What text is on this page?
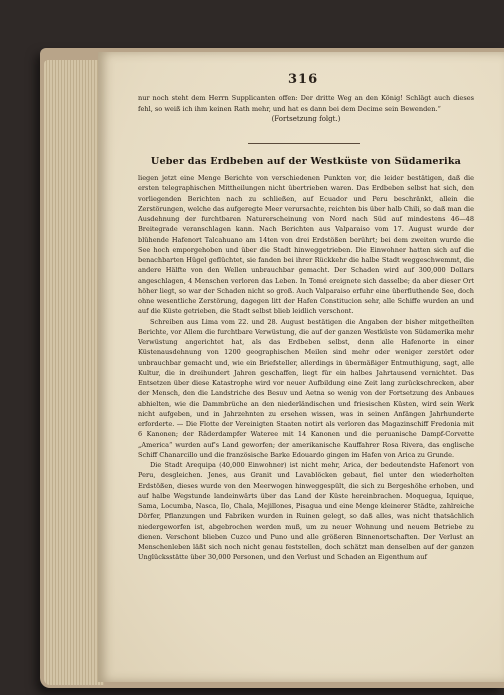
316

nur noch steht dem Herrn Supplicanten offen: Der dritte Weg an den König! Schlägt auch dieses fehl, so weiß ich ihm keinen Rath mehr, und hat es dann bei dem Decime sein Bewenden.“

(Fortsetzung folgt.)

Ueber das Erdbeben auf der Westküste von Südamerika

liegen jetzt eine Menge Berichte von verschiedenen Punkten vor, die leider bestätigen, daß die ersten telegraphischen Mittheilungen nicht übertrieben waren. Das Erdbeben selbst hat sich, den vorliegenden Berichten nach zu schließen, auf Ecuador und Peru beschränkt, allein die Zerstörungen, welche das aufgeregte Meer verursachte, reichten bis über halb Chili, so daß man die Ausdehnung der furchtbaren Naturerscheinung von Nord nach Süd auf mindestens 46—48 Breitegrade veranschlagen kann. Nach Berichten aus Valparaiso vom 17. August wurde der blühende Hafenort Talcahuano am 14ten von drei Erdstößen berührt; bei dem zweiten wurde die See hoch emporgehoben und über die Stadt hinweggetrieben. Die Einwohner hatten sich auf die benachbarten Hügel geflüchtet, sie fanden bei ihrer Rückkehr die halbe Stadt weggeschwemmt, die andere Hälfte von den Wellen unbrauchbar gemacht. Der Schaden wird auf 300,000 Dollars angeschlagen, 4 Menschen verloren das Leben. In Tomé ereignete sich dasselbe; da aber dieser Ort höher liegt, so war der Schaden nicht so groß. Auch Valparaiso erfuhr eine überfluthende See, doch ohne wesentliche Zerstörung, dagegen litt der Hafen Constitucion sehr, alle Schiffe wurden an und auf die Küste getrieben, die Stadt selbst blieb leidlich verschont.

Schreiben aus Lima vom 22. und 28. August bestätigen die Angaben der bisher mitgetheilten Berichte, vor Allem die furchtbare Verwüstung, die auf der ganzen Westküste von Südamerika mehr Verwüstung angerichtet hat, als das Erdbeben selbst, denn alle Hafenorte in einer Küstenausdehnung von 1200 geographischen Meilen sind mehr oder weniger zerstört oder unbrauchbar gemacht und, wie ein Briefsteller, allerdings in übermäßiger Entmuthigung, sagt, alle Kultur, die in dreihundert Jahren geschaffen, liegt für ein halbes Jahrtausend vernichtet. Das Entsetzen über diese Katastrophe wird vor neuer Aufbildung eine Zeit lang zurückschrecken, aber der Mensch, den die Landstriche des Besuv und Aetna so wenig von der Fortsetzung des Anbaues abhielten, wie die Dammbrüche an den niederländischen und friesischen Küsten, wird sein Werk nicht aufgeben, und in Jahrzehnten zu ersehen wissen, was in seinen Anfängen Jahrhunderte erforderte. — Die Flotte der Vereinigten Staaten notirt als verloren das Magazinschiff Fredonia mit 6 Kanonen; der Räderdampfer Wateree mit 14 Kanonen und die peruanische Dampf-Corvette „America“ wurden auf's Land geworfen; der amerikanische Kauffahrer Rosa Rivera, das englische Schiff Chanarcillo und die französische Barke Edouardo gingen im Hafen von Arica zu Grunde.

Die Stadt Arequipa (40,000 Einwohner) ist nicht mehr, Arica, der bedeutendste Hafenort von Peru, desgleichen. Jenes, aus Granit und Lavablöcken gebaut, fiel unter den wiederholten Erdstößen, dieses wurde von den Meerwogen hinweggespült, die sich zu Bergeshöhe erhoben, und auf halbe Wegstunde landeinwärts über das Land der Küste hereinbrachen. Moquegua, Iquique, Sama, Locumba, Nasca, Ilo, Chala, Mejillones, Pisagua und eine Menge kleinerer Städte, zahlreiche Dörfer, Pflanzungen und Fabriken wurden in Ruinen gelegt, so daß alles, was nicht thatsächlich niedergeworfen ist, abgebrochen werden muß, um zu neuer Wohnung und neuem Betriebe zu dienen. Verschont blieben Cuzco und Puno und alle größeren Binnenortschaften. Der Verlust an Menschenleben läßt sich noch nicht genau feststellen, doch schätzt man denselben auf der ganzen Unglücksstätte über 30,000 Personen, und den Verlust und Schaden an Eigenthum auf
